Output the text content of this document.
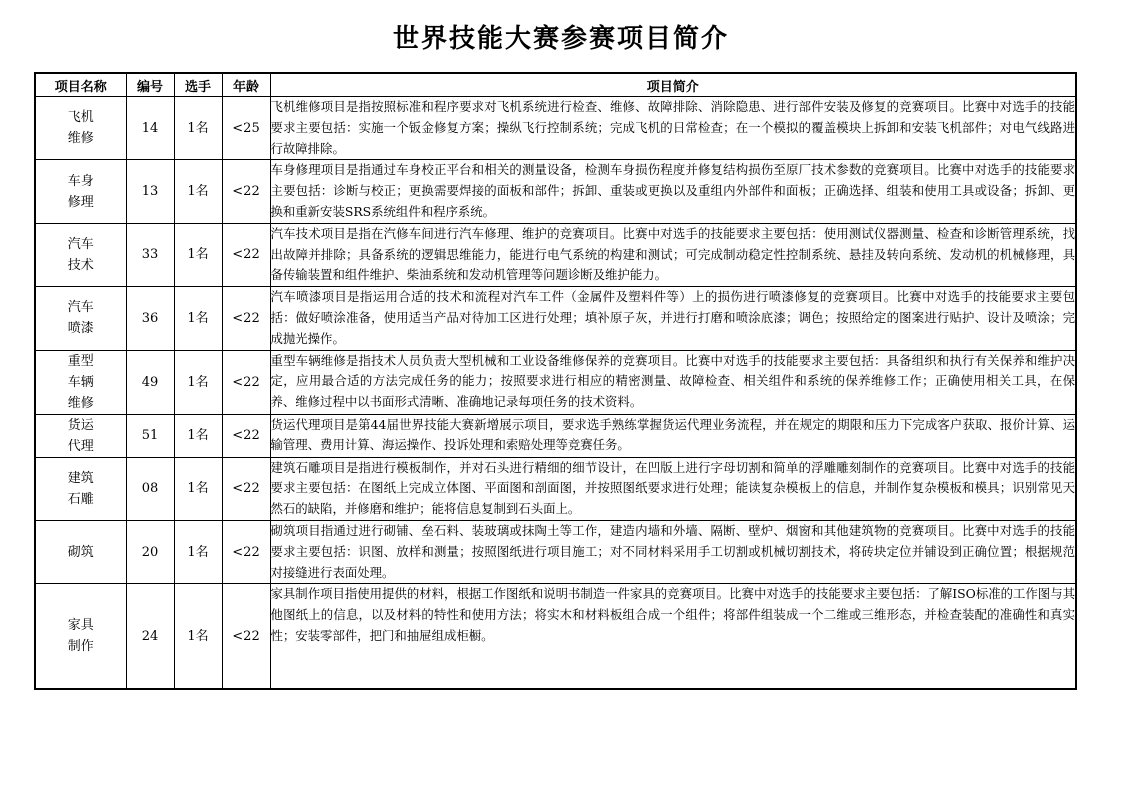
世界技能大赛参赛项目简介
项目名称	编号	选手	年龄	项目简介
飞机维修	14	1名	<25	飞机维修项目是指按照标准和程序要求对飞机系统进行检查、维修、故障排除、消除隐患、进行部件安装及修复的竞赛项目。比赛中对选手的技能要求主要包括：实施一个钣金修复方案；操纵飞行控制系统；完成飞机的日常检查；在一个模拟的覆盖模块上拆卸和安装飞机部件；对电气线路进行故障排除。
车身修理	13	1名	<22	车身修理项目是指通过车身校正平台和相关的测量设备，检测车身损伤程度并修复结构损伤至原厂技术参数的竞赛项目。比赛中对选手的技能要求主要包括：诊断与校正；更换需要焊接的面板和部件；拆卸、重装或更换以及重组内外部件和面板；正确选择、组装和使用工具或设备；拆卸、更换和重新安装SRS系统组件和程序系统。
汽车技术	33	1名	<22	汽车技术项目是指在汽修车间进行汽车修理、维护的竞赛项目。比赛中对选手的技能要求主要包括：使用测试仪器测量、检查和诊断管理系统，找出故障并排除；具备系统的逻辑思维能力，能进行电气系统的构建和测试；可完成制动稳定性控制系统、悬挂及转向系统、发动机的机械修理，具备传输装置和组件维护、柴油系统和发动机管理等问题诊断及维护能力。
汽车喷漆	36	1名	<22	汽车喷漆项目是指运用合适的技术和流程对汽车工件（金属件及塑料件等）上的损伤进行喷漆修复的竞赛项目。比赛中对选手的技能要求主要包括：做好喷涂准备，使用适当产品对待加工区进行处理；填补原子灰，并进行打磨和喷涂底漆；调色；按照给定的图案进行贴护、设计及喷涂；完成抛光操作。
重型车辆维修	49	1名	<22	重型车辆维修是指技术人员负责大型机械和工业设备维修保养的竞赛项目。比赛中对选手的技能要求主要包括：具备组织和执行有关保养和维护决定，应用最合适的方法完成任务的能力；按照要求进行相应的精密测量、故障检查、相关组件和系统的保养维修工作；正确使用相关工具，在保养、维修过程中以书面形式清晰、准确地记录每项任务的技术资料。
货运代理	51	1名	<22	货运代理项目是第44届世界技能大赛新增展示项目，要求选手熟练掌握货运代理业务流程，并在规定的期限和压力下完成客户获取、报价计算、运输管理、费用计算、海运操作、投诉处理和索赔处理等竞赛任务。
建筑石雕	08	1名	<22	建筑石雕项目是指进行模板制作，并对石头进行精细的细节设计，在凹版上进行字母切割和简单的浮雕雕刻制作的竞赛项目。比赛中对选手的技能要求主要包括：在图纸上完成立体图、平面图和剖面图，并按照图纸要求进行处理；能读复杂模板上的信息，并制作复杂模板和模具；识别常见天然石的缺陷，并修磨和维护；能将信息复制到石头面上。
砌筑	20	1名	<22	砌筑项目指通过进行砌铺、垒石料、装玻璃或抹陶土等工作，建造内墙和外墙、隔断、壁炉、烟窗和其他建筑物的竞赛项目。比赛中对选手的技能要求主要包括：识图、放样和测量；按照图纸进行项目施工；对不同材料采用手工切割或机械切割技术，将砖块定位并铺设到正确位置；根据规范对接缝进行表面处理。
家具制作	24	1名	<22	家具制作项目指使用提供的材料，根据工作图纸和说明书制造一件家具的竞赛项目。比赛中对选手的技能要求主要包括：了解ISO标准的工作图与其他图纸上的信息，以及材料的特性和使用方法；将实木和材料板组合成一个组件；将部件组装成一个二维或三维形态，并检查装配的准确性和真实性；安装零部件，把门和抽屉组成柜橱。
